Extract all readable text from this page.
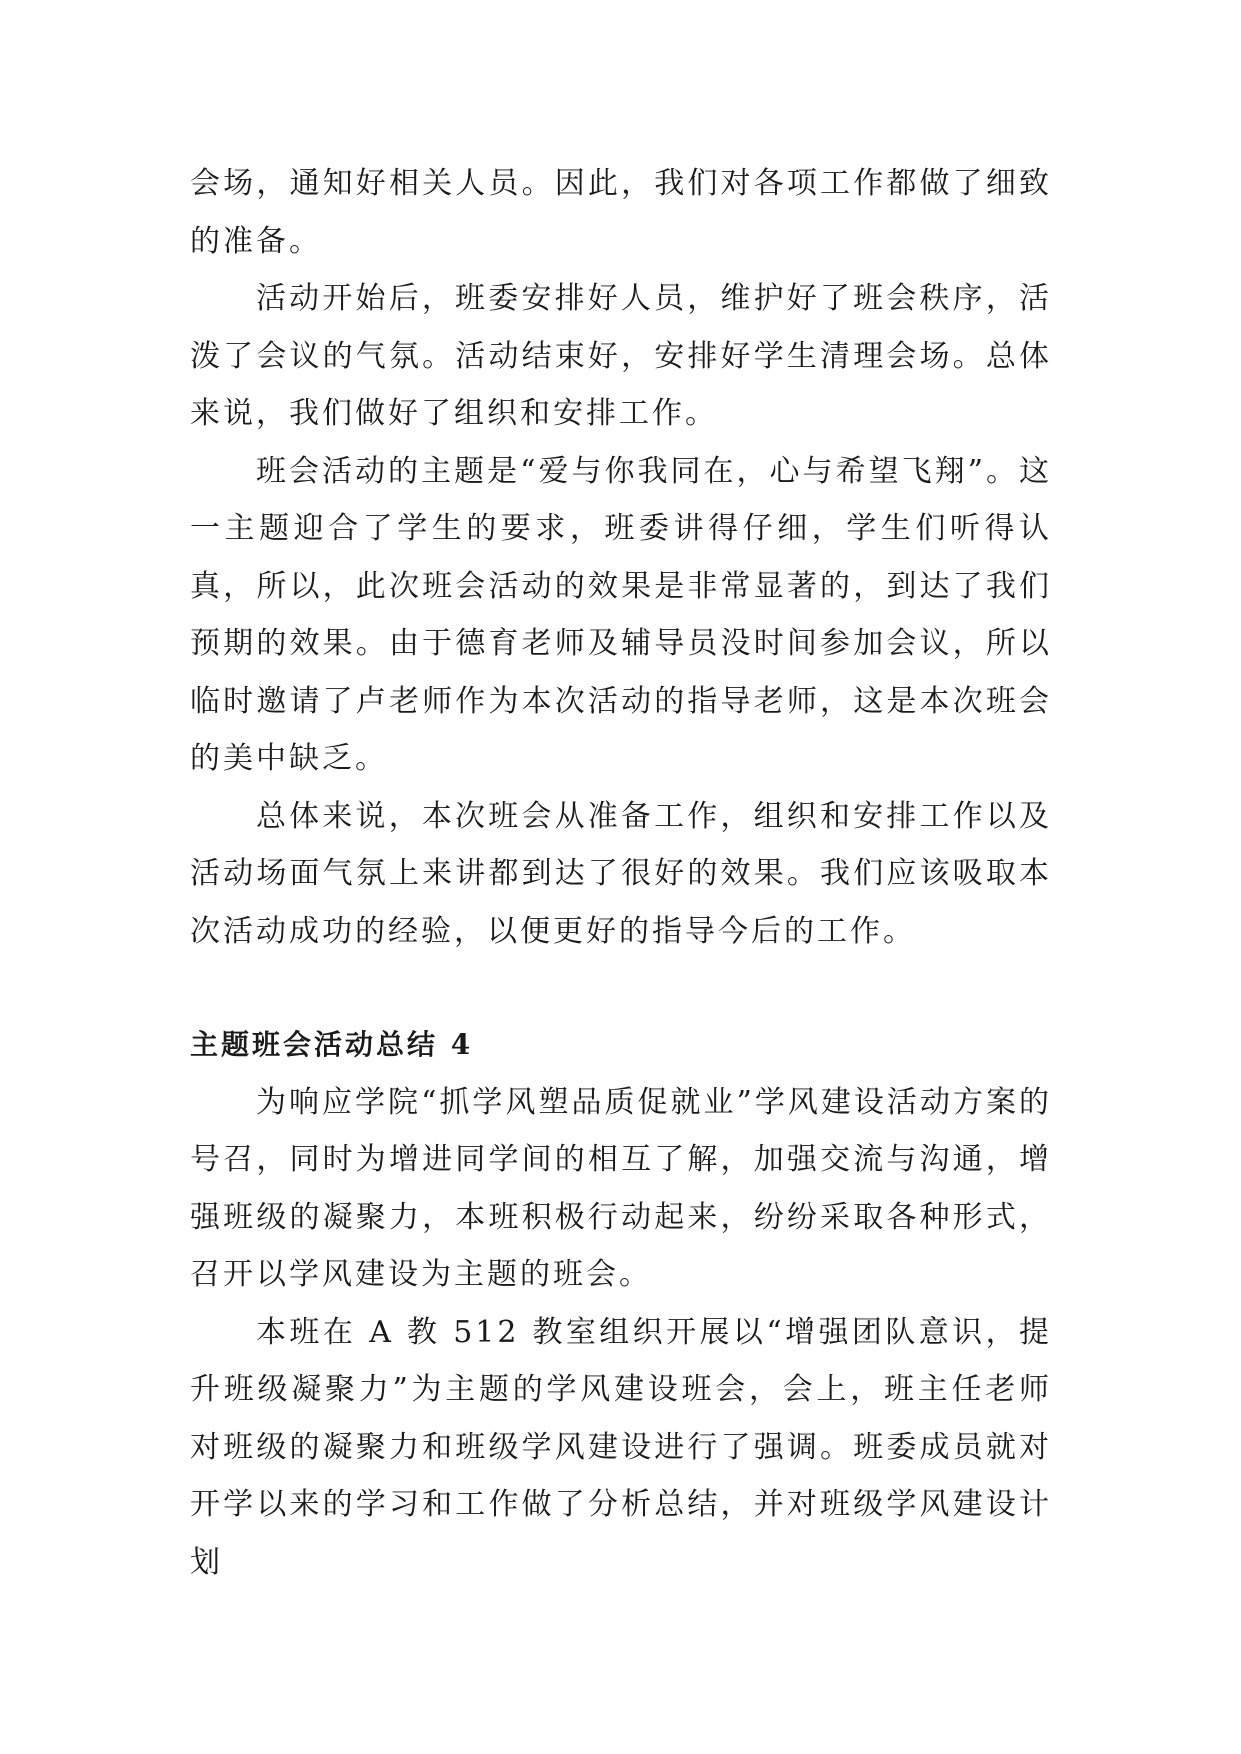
会场，通知好相关人员。因此，我们对各项工作都做了细致的准备。

活动开始后，班委安排好人员，维护好了班会秩序，活泼了会议的气氛。活动结束好，安排好学生清理会场。总体来说，我们做好了组织和安排工作。

班会活动的主题是“爱与你我同在，心与希望飞翔”。这一主题迎合了学生的要求，班委讲得仔细，学生们听得认真，所以，此次班会活动的效果是非常显著的，到达了我们预期的效果。由于德育老师及辅导员没时间参加会议，所以临时邀请了卢老师作为本次活动的指导老师，这是本次班会的美中缺乏。

总体来说，本次班会从准备工作，组织和安排工作以及活动场面气氛上来讲都到达了很好的效果。我们应该吸取本次活动成功的经验，以便更好的指导今后的工作。

主题班会活动总结 4

为响应学院“抓学风塑品质促就业”学风建设活动方案的号召，同时为增进同学间的相互了解，加强交流与沟通，增强班级的凝聚力，本班积极行动起来，纷纷采取各种形式，召开以学风建设为主题的班会。

本班在 A 教 512 教室组织开展以“增强团队意识，提升班级凝聚力”为主题的学风建设班会，会上，班主任老师对班级的凝聚力和班级学风建设进行了强调。班委成员就对开学以来的学习和工作做了分析总结，并对班级学风建设计划
